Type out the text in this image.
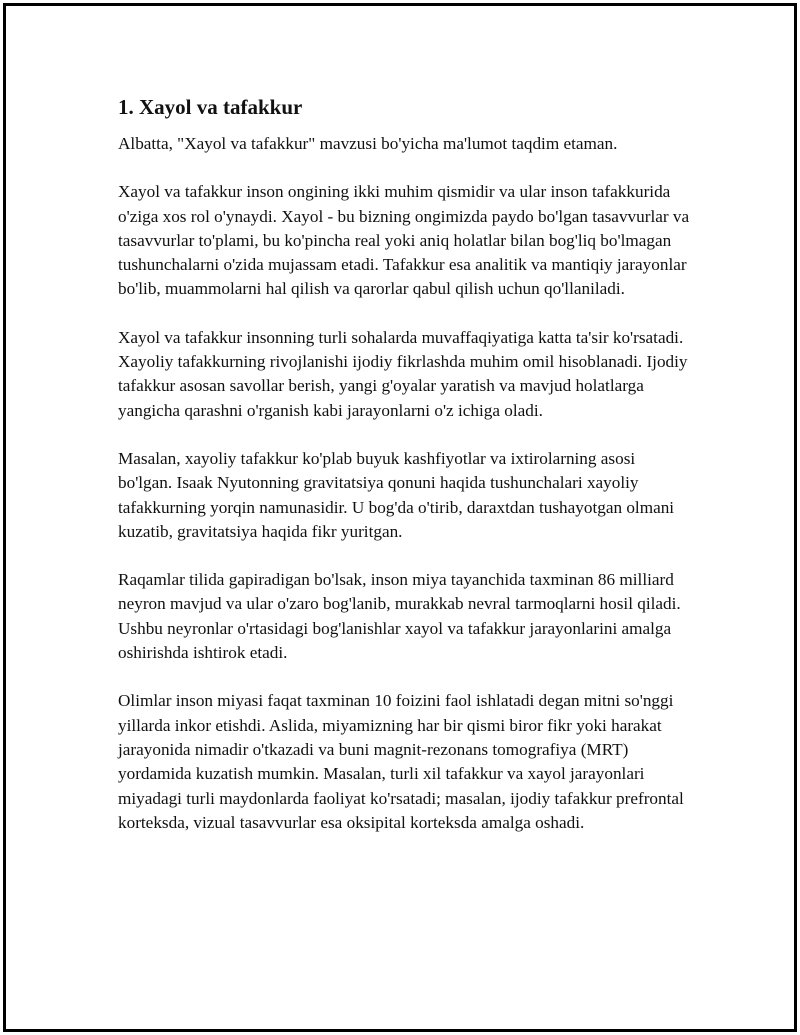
1. Xayol va tafakkur

Albatta, "Xayol va tafakkur" mavzusi bo'yicha ma'lumot taqdim etaman.

Xayol va tafakkur inson ongining ikki muhim qismidir va ular inson tafakkurida o'ziga xos rol o'ynaydi. Xayol - bu bizning ongimizda paydo bo'lgan tasavvurlar va tasavvurlar to'plami, bu ko'pincha real yoki aniq holatlar bilan bog'liq bo'lmagan tushunchalarni o'zida mujassam etadi. Tafakkur esa analitik va mantiqiy jarayonlar bo'lib, muammolarni hal qilish va qarorlar qabul qilish uchun qo'llaniladi.

Xayol va tafakkur insonning turli sohalarda muvaffaqiyatiga katta ta'sir ko'rsatadi. Xayoliy tafakkurning rivojlanishi ijodiy fikrlashda muhim omil hisoblanadi. Ijodiy tafakkur asosan savollar berish, yangi g'oyalar yaratish va mavjud holatlarga yangicha qarashni o'rganish kabi jarayonlarni o'z ichiga oladi.

Masalan, xayoliy tafakkur ko'plab buyuk kashfiyotlar va ixtirolarning asosi bo'lgan. Isaak Nyutonning gravitatsiya qonuni haqida tushunchalari xayoliy tafakkurning yorqin namunasidir. U bog'da o'tirib, daraxtdan tushayotgan olmani kuzatib, gravitatsiya haqida fikr yuritgan.

Raqamlar tilida gapiradigan bo'lsak, inson miya tayanchida taxminan 86 milliard neyron mavjud va ular o'zaro bog'lanib, murakkab nevral tarmoqlarni hosil qiladi. Ushbu neyronlar o'rtasidagi bog'lanishlar xayol va tafakkur jarayonlarini amalga oshirishda ishtirok etadi.

Olimlar inson miyasi faqat taxminan 10 foizini faol ishlatadi degan mitni so'nggi yillarda inkor etishdi. Aslida, miyamizning har bir qismi biror fikr yoki harakat jarayonida nimadir o'tkazadi va buni magnit-rezonans tomografiya (MRT) yordamida kuzatish mumkin. Masalan, turli xil tafakkur va xayol jarayonlari miyadagi turli maydonlarda faoliyat ko'rsatadi; masalan, ijodiy tafakkur prefrontal korteksda, vizual tasavvurlar esa oksipital korteksda amalga oshadi.
